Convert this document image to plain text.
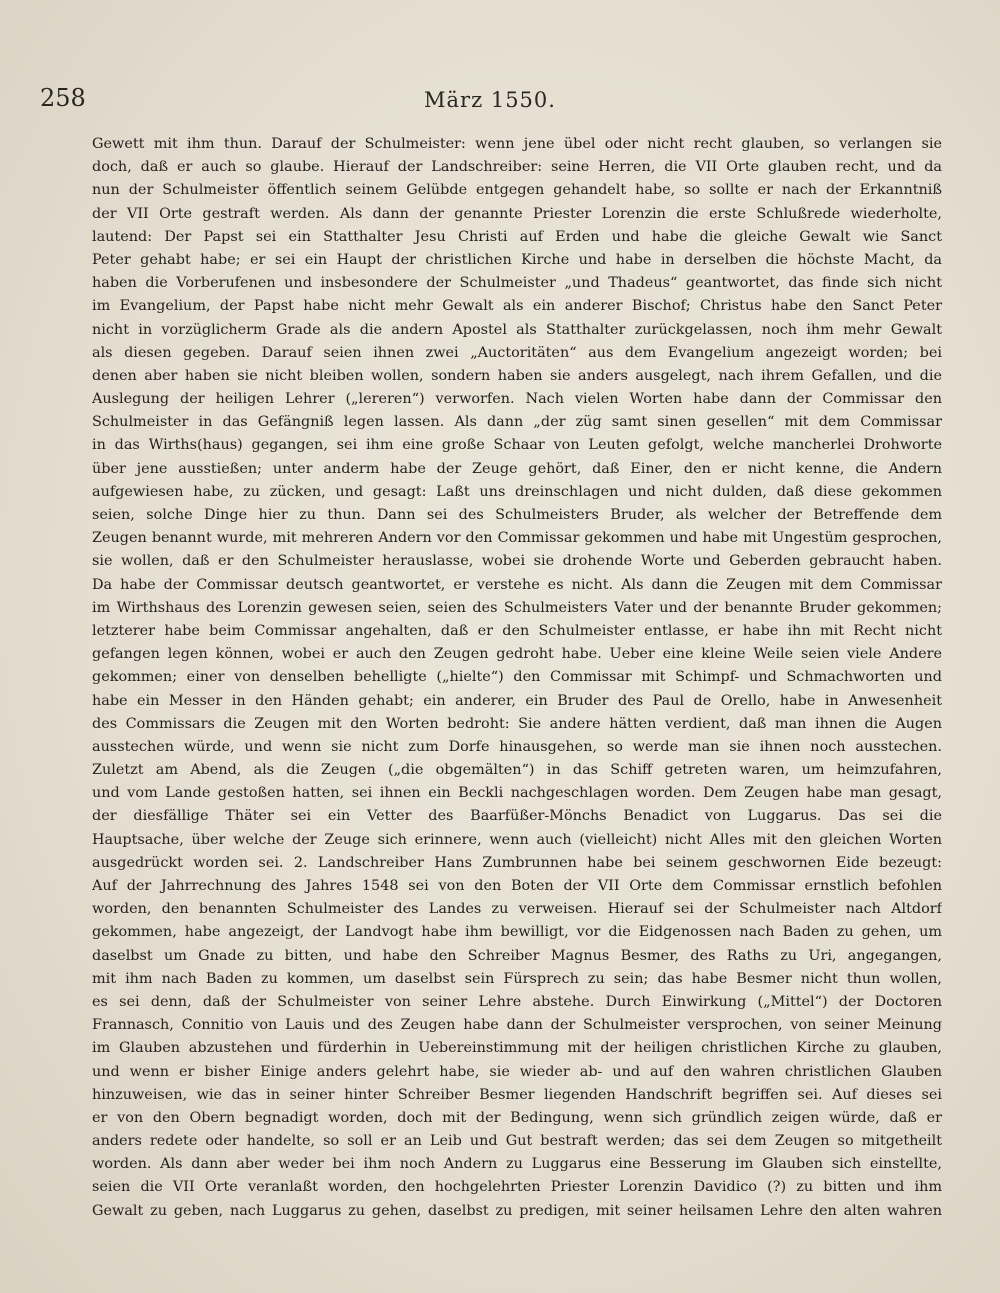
258	März 1550.
Gewett mit ihm thun. Darauf der Schulmeister: wenn jene übel oder nicht recht glauben, so verlangen sie
doch, daß er auch so glaube. Hierauf der Landschreiber: seine Herren, die VII Orte glauben recht, und da
nun der Schulmeister öffentlich seinem Gelübde entgegen gehandelt habe, so sollte er nach der Erkanntniß
der VII Orte gestraft werden. Als dann der genannte Priester Lorenzin die erste Schlußrede wiederholte,
lautend: Der Papst sei ein Statthalter Jesu Christi auf Erden und habe die gleiche Gewalt wie Sanct
Peter gehabt habe; er sei ein Haupt der christlichen Kirche und habe in derselben die höchste Macht, da
haben die Vorberufenen und insbesondere der Schulmeister „und Thadeus“ geantwortet, das finde sich nicht
im Evangelium, der Papst habe nicht mehr Gewalt als ein anderer Bischof; Christus habe den Sanct Peter
nicht in vorzüglicherm Grade als die andern Apostel als Statthalter zurückgelassen, noch ihm mehr Gewalt
als diesen gegeben. Darauf seien ihnen zwei „Auctoritäten“ aus dem Evangelium angezeigt worden; bei
denen aber haben sie nicht bleiben wollen, sondern haben sie anders ausgelegt, nach ihrem Gefallen, und die
Auslegung der heiligen Lehrer („lereren“) verworfen. Nach vielen Worten habe dann der Commissar den
Schulmeister in das Gefängniß legen lassen. Als dann „der züg samt sinen gesellen“ mit dem Commissar
in das Wirths(haus) gegangen, sei ihm eine große Schaar von Leuten gefolgt, welche mancherlei Drohworte
über jene ausstießen; unter anderm habe der Zeuge gehört, daß Einer, den er nicht kenne, die Andern
aufgewiesen habe, zu zücken, und gesagt: Laßt uns dreinschlagen und nicht dulden, daß diese gekommen
seien, solche Dinge hier zu thun. Dann sei des Schulmeisters Bruder, als welcher der Betreffende dem
Zeugen benannt wurde, mit mehreren Andern vor den Commissar gekommen und habe mit Ungestüm gesprochen,
sie wollen, daß er den Schulmeister herauslasse, wobei sie drohende Worte und Geberden gebraucht haben.
Da habe der Commissar deutsch geantwortet, er verstehe es nicht. Als dann die Zeugen mit dem Commissar
im Wirthshaus des Lorenzin gewesen seien, seien des Schulmeisters Vater und der benannte Bruder gekommen;
letzterer habe beim Commissar angehalten, daß er den Schulmeister entlasse, er habe ihn mit Recht nicht
gefangen legen können, wobei er auch den Zeugen gedroht habe. Ueber eine kleine Weile seien viele Andere
gekommen; einer von denselben behelligte („hielte“) den Commissar mit Schimpf- und Schmachworten und
habe ein Messer in den Händen gehabt; ein anderer, ein Bruder des Paul de Orello, habe in Anwesenheit
des Commissars die Zeugen mit den Worten bedroht: Sie andere hätten verdient, daß man ihnen die Augen
ausstechen würde, und wenn sie nicht zum Dorfe hinausgehen, so werde man sie ihnen noch ausstechen.
Zuletzt am Abend, als die Zeugen („die obgemälten“) in das Schiff getreten waren, um heimzufahren,
und vom Lande gestoßen hatten, sei ihnen ein Beckli nachgeschlagen worden. Dem Zeugen habe man gesagt,
der diesfällige Thäter sei ein Vetter des Baarfüßer-Mönchs Benadict von Luggarus. Das sei die
Hauptsache, über welche der Zeuge sich erinnere, wenn auch (vielleicht) nicht Alles mit den gleichen Worten
ausgedrückt worden sei. 2. Landschreiber Hans Zumbrunnen habe bei seinem geschwornen Eide bezeugt:
Auf der Jahrrechnung des Jahres 1548 sei von den Boten der VII Orte dem Commissar ernstlich befohlen
worden, den benannten Schulmeister des Landes zu verweisen. Hierauf sei der Schulmeister nach Altdorf
gekommen, habe angezeigt, der Landvogt habe ihm bewilligt, vor die Eidgenossen nach Baden zu gehen, um
daselbst um Gnade zu bitten, und habe den Schreiber Magnus Besmer, des Raths zu Uri, angegangen,
mit ihm nach Baden zu kommen, um daselbst sein Fürsprech zu sein; das habe Besmer nicht thun wollen,
es sei denn, daß der Schulmeister von seiner Lehre abstehe. Durch Einwirkung („Mittel“) der Doctoren
Frannasch, Connitio von Lauis und des Zeugen habe dann der Schulmeister versprochen, von seiner Meinung
im Glauben abzustehen und fürderhin in Uebereinstimmung mit der heiligen christlichen Kirche zu glauben,
und wenn er bisher Einige anders gelehrt habe, sie wieder ab- und auf den wahren christlichen Glauben
hinzuweisen, wie das in seiner hinter Schreiber Besmer liegenden Handschrift begriffen sei. Auf dieses sei
er von den Obern begnadigt worden, doch mit der Bedingung, wenn sich gründlich zeigen würde, daß er
anders redete oder handelte, so soll er an Leib und Gut bestraft werden; das sei dem Zeugen so mitgetheilt
worden. Als dann aber weder bei ihm noch Andern zu Luggarus eine Besserung im Glauben sich einstellte,
seien die VII Orte veranlaßt worden, den hochgelehrten Priester Lorenzin Davidico (?) zu bitten und ihm
Gewalt zu geben, nach Luggarus zu gehen, daselbst zu predigen, mit seiner heilsamen Lehre den alten wahren
